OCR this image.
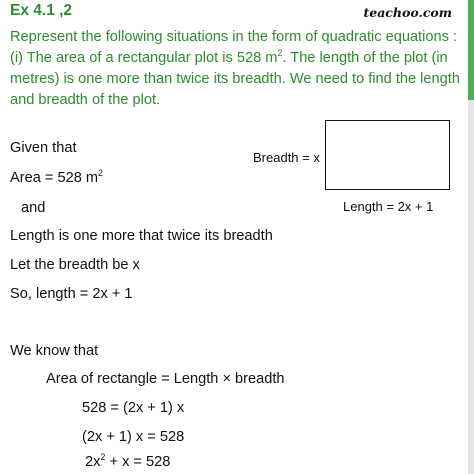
Ex 4.1 ,2	teachoo.com

Represent the following situations in the form of quadratic equations : (i) The area of a rectangular plot is 528 $m^2$. The length of the plot (in metres) is one more than twice its breadth. We need to find the length and breadth of the plot.

Breadth = x
Length = 2x + 1

Given that

Area = 528 $m^2$

and

Length is one more that twice its breadth

Let the breadth be x

So, length = 2x + 1

We know that

Area of rectangle = Length × breadth

528 = (2x + 1) x

(2x + 1) x = 528

$2x^2 + x = 528$
